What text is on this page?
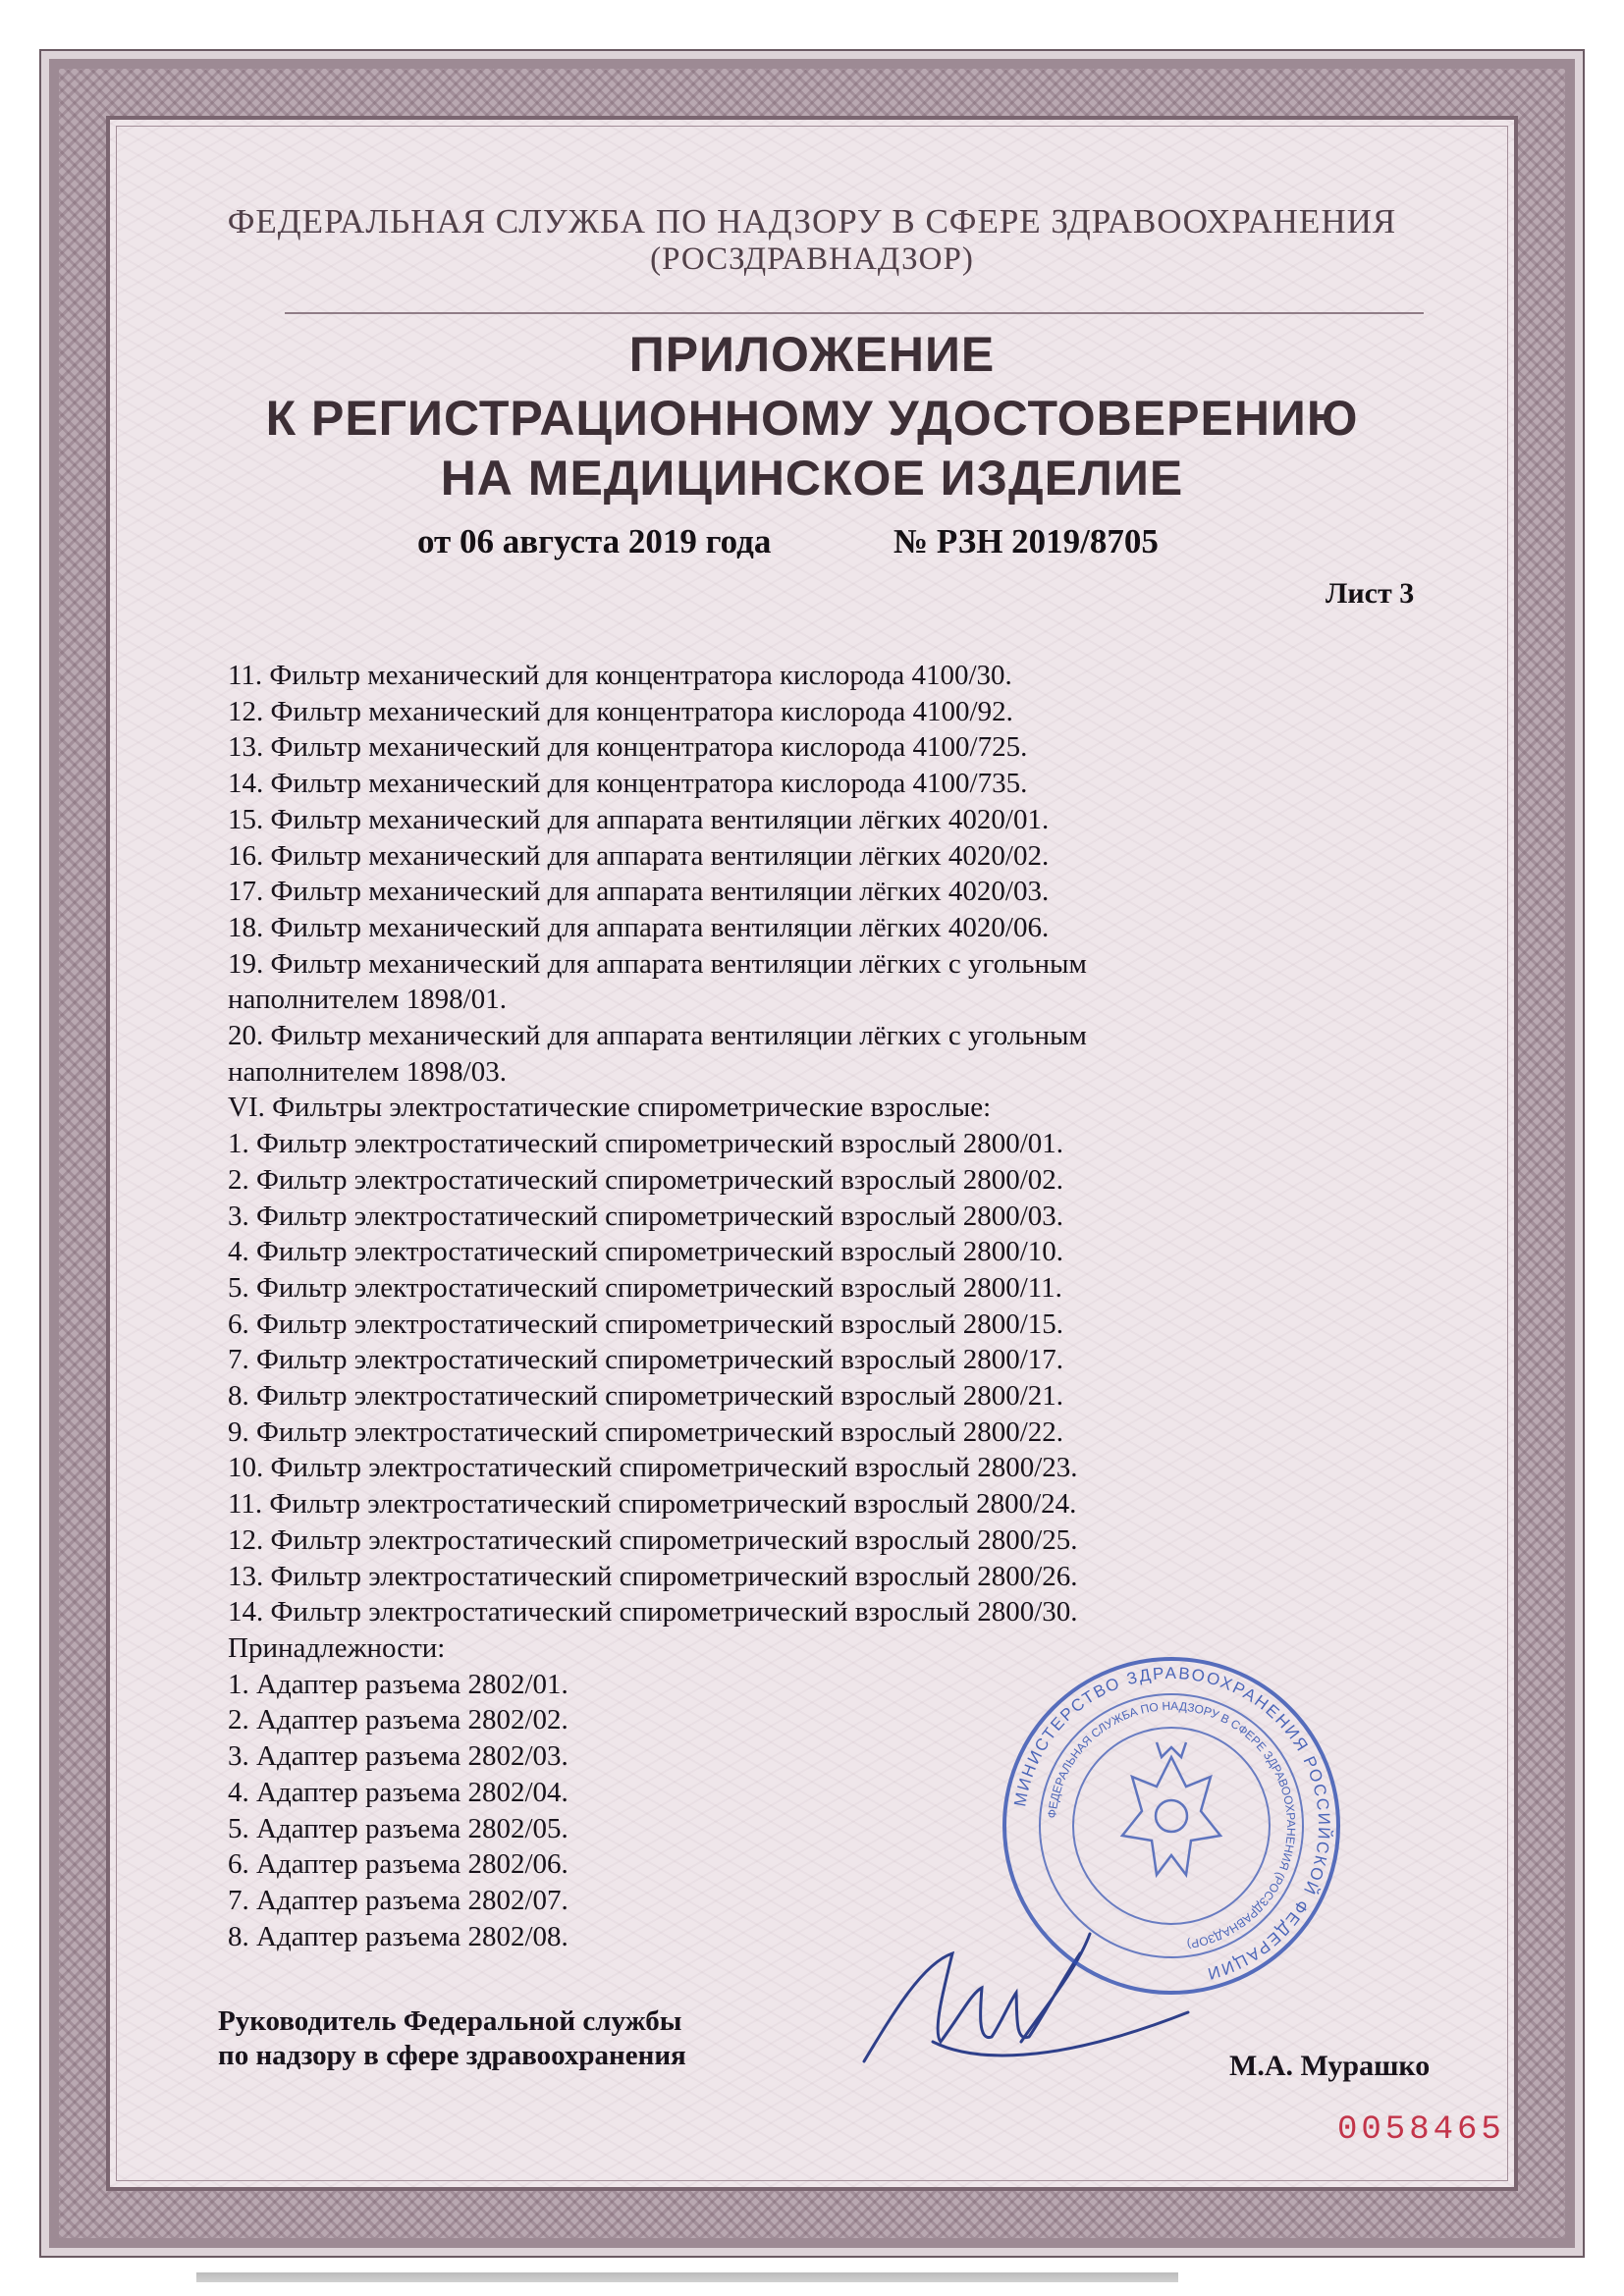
ФЕДЕРАЛЬНАЯ СЛУЖБА ПО НАДЗОРУ В СФЕРЕ ЗДРАВООХРАНЕНИЯ
(РОСЗДРАВНАДЗОР)
ПРИЛОЖЕНИЕ
К РЕГИСТРАЦИОННОМУ УДОСТОВЕРЕНИЮ
НА МЕДИЦИНСКОЕ ИЗДЕЛИЕ
от 06 августа 2019 года	№ РЗН 2019/8705
Лист 3
11. Фильтр механический для концентратора кислорода 4100/30.
12. Фильтр механический для концентратора кислорода 4100/92.
13. Фильтр механический для концентратора кислорода 4100/725.
14. Фильтр механический для концентратора кислорода 4100/735.
15. Фильтр механический для аппарата вентиляции лёгких 4020/01.
16. Фильтр механический для аппарата вентиляции лёгких 4020/02.
17. Фильтр механический для аппарата вентиляции лёгких 4020/03.
18. Фильтр механический для аппарата вентиляции лёгких 4020/06.
19. Фильтр механический для аппарата вентиляции лёгких с угольным
наполнителем 1898/01.
20. Фильтр механический для аппарата вентиляции лёгких с угольным
наполнителем 1898/03.
VI. Фильтры электростатические спирометрические взрослые:
1. Фильтр электростатический спирометрический взрослый 2800/01.
2. Фильтр электростатический спирометрический взрослый 2800/02.
3. Фильтр электростатический спирометрический взрослый 2800/03.
4. Фильтр электростатический спирометрический взрослый 2800/10.
5. Фильтр электростатический спирометрический взрослый 2800/11.
6. Фильтр электростатический спирометрический взрослый 2800/15.
7. Фильтр электростатический спирометрический взрослый 2800/17.
8. Фильтр электростатический спирометрический взрослый 2800/21.
9. Фильтр электростатический спирометрический взрослый 2800/22.
10. Фильтр электростатический спирометрический взрослый 2800/23.
11. Фильтр электростатический спирометрический взрослый 2800/24.
12. Фильтр электростатический спирометрический взрослый 2800/25.
13. Фильтр электростатический спирометрический взрослый 2800/26.
14. Фильтр электростатический спирометрический взрослый 2800/30.
Принадлежности:
1. Адаптер разъема 2802/01.
2. Адаптер разъема 2802/02.
3. Адаптер разъема 2802/03.
4. Адаптер разъема 2802/04.
5. Адаптер разъема 2802/05.
6. Адаптер разъема 2802/06.
7. Адаптер разъема 2802/07.
8. Адаптер разъема 2802/08.
Руководитель Федеральной службы
по надзору в сфере здравоохранения
МИНИСТЕРСТВО ЗДРАВООХРАНЕНИЯ РОССИЙСКОЙ ФЕДЕРАЦИИ
ФЕДЕРАЛЬНАЯ СЛУЖБА ПО НАДЗОРУ В СФЕРЕ ЗДРАВООХРАНЕНИЯ (РОСЗДРАВНАДЗОР)
М.А. Мурашко
0058465
